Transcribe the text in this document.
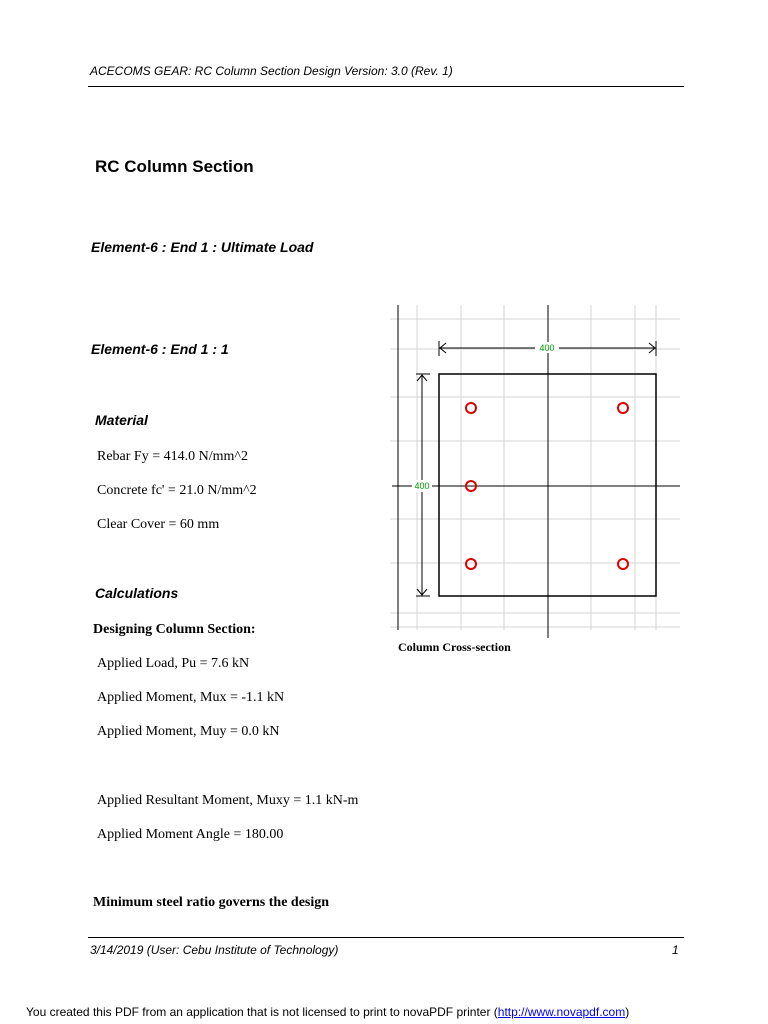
ACECOMS GEAR: RC Column Section Design Version: 3.0 (Rev. 1)
RC Column Section
Element-6 : End 1 : Ultimate Load
Element-6 : End 1 : 1
Material
Rebar Fy = 414.0 N/mm^2
Concrete fc' = 21.0 N/mm^2
Clear Cover = 60 mm
Calculations
Designing Column Section:
Applied Load, Pu = 7.6 kN
Applied Moment, Mux = -1.1 kN
Applied Moment, Muy = 0.0 kN
Applied Resultant Moment, Muxy = 1.1 kN-m
Applied Moment Angle = 180.00
Minimum steel ratio governs the design
400
400
Column Cross-section
3/14/2019 (User: Cebu Institute of Technology)	1
You created this PDF from an application that is not licensed to print to novaPDF printer (http://www.novapdf.com)
